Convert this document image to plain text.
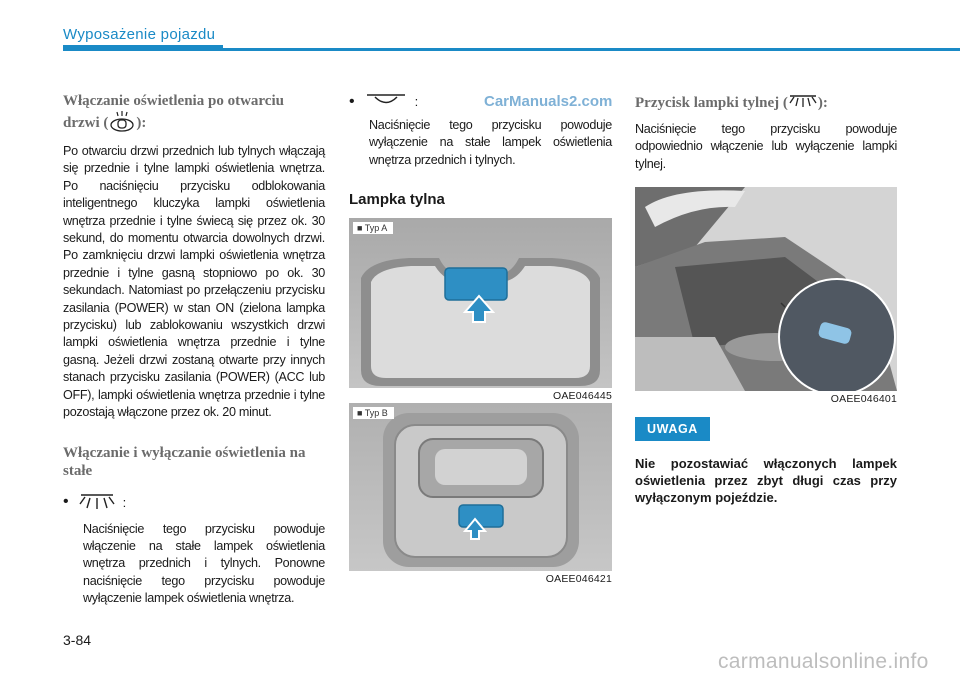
Wyposażenie pojazdu
CarManuals2.com

Włączanie oświetlenia po otwarciu
drzwi ( ):

Po otwarciu drzwi przednich lub tylnych włączają się przednie i tylne lampki oświetlenia wnętrza. Po naciśnięciu przycisku odblokowania inteligentnego kluczyka lampki oświetlenia wnętrza przednie i tylne świecą się przez ok. 30 sekund, do momentu otwarcia dowolnych drzwi. Po zamknięciu drzwi lampki oświetlenia wnętrza przednie i tylne gasną stopniowo po ok. 30 sekundach. Natomiast po przełączeniu przycisku zasilania (POWER) w stan ON (zielona lampka przycisku) lub zablokowaniu wszystkich drzwi lampki oświetlenia wnętrza przednie i tylne gasną. Jeżeli drzwi zostaną otwarte przy innych stanach przycisku zasilania (POWER) (ACC lub OFF), lampki oświetlenia wnętrza przednie i tylne pozostają włączone przez ok. 20 minut.

Włączanie i wyłączanie oświetlenia na
stałe

•	:

Naciśnięcie tego przycisku powoduje włączenie na stałe lampek oświetlenia wnętrza przednich i tylnych. Ponowne naciśnięcie tego przycisku powoduje wyłączenie lampek oświetlenia wnętrza.

•	:

Naciśnięcie tego przycisku powoduje wyłączenie na stałe lampek oświetlenia wnętrza przednich i tylnych.

Lampka tylna

■ Typ A
OAE046445
■ Typ B
OAEE046421

Przycisk lampki tylnej ( ):

Naciśnięcie tego przycisku powoduje odpowiednio włączenie lub wyłączenie lampki tylnej.

OAEE046401
UWAGA

Nie pozostawiać włączonych lampek oświetlenia przez zbyt długi czas przy wyłączonym pojeździe.

3-84
carmanualsonline.info
